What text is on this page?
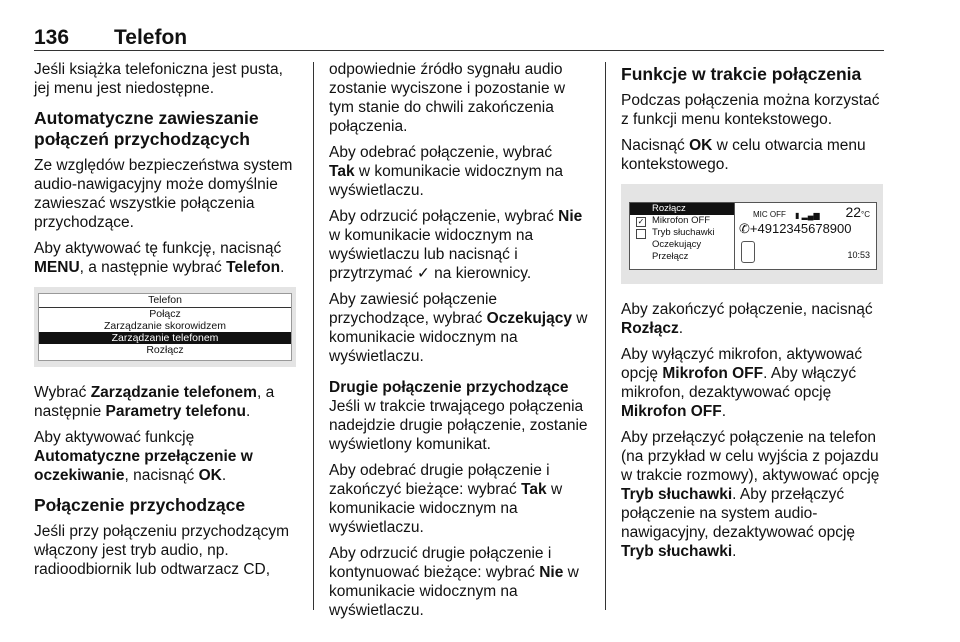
136 Telefon

Jeśli książka telefoniczna jest pusta, jej menu jest niedostępne.

Automatyczne zawieszanie połączeń przychodzących

Ze względów bezpieczeństwa system audio-nawigacyjny może domyślnie zawieszać wszystkie połączenia przychodzące.

Aby aktywować tę funkcję, nacisnąć MENU, a następnie wybrać Telefon.

Telefon
Połącz
Zarządzanie skorowidzem
Zarządzanie telefonem
Rozłącz

Wybrać Zarządzanie telefonem, a następnie Parametry telefonu.

Aby aktywować funkcję
Automatyczne przełączenie w oczekiwanie, nacisnąć OK.

Połączenie przychodzące

Jeśli przy połączeniu przychodzącym włączony jest tryb audio, np. radioodbiornik lub odtwarzacz CD,

odpowiednie źródło sygnału audio zostanie wyciszone i pozostanie w tym stanie do chwili zakończenia połączenia.

Aby odebrać połączenie, wybrać
Tak w komunikacie widocznym na wyświetlaczu.

Aby odrzucić połączenie, wybrać Nie w komunikacie widocznym na wyświetlaczu lub nacisnąć i przytrzymać ✓ na kierownicy.

Aby zawiesić połączenie przychodzące, wybrać Oczekujący w komunikacie widocznym na wyświetlaczu.

Drugie połączenie przychodzące

Jeśli w trakcie trwającego połączenia nadejdzie drugie połączenie, zostanie wyświetlony komunikat.

Aby odebrać drugie połączenie i zakończyć bieżące: wybrać Tak w komunikacie widocznym na wyświetlaczu.

Aby odrzucić drugie połączenie i kontynuować bieżące: wybrać Nie w komunikacie widocznym na wyświetlaczu.

Funkcje w trakcie połączenia

Podczas połączenia można korzystać z funkcji menu kontekstowego.

Nacisnąć OK w celu otwarcia menu kontekstowego.

Rozłącz
✓ Mikrofon OFF
Tryb słuchawki
Oczekujący
Przełącz
MIC OFF ▮ ▂▄▆ 22°C
✆+4912345678900
10:53

Aby zakończyć połączenie, nacisnąć
Rozłącz.

Aby wyłączyć mikrofon, aktywować opcję Mikrofon OFF. Aby włączyć mikrofon, dezaktywować opcję
Mikrofon OFF.

Aby przełączyć połączenie na telefon (na przykład w celu wyjścia z pojazdu w trakcie rozmowy), aktywować opcję Tryb słuchawki. Aby przełączyć połączenie na system audio-nawigacyjny, dezaktywować opcję
Tryb słuchawki.
